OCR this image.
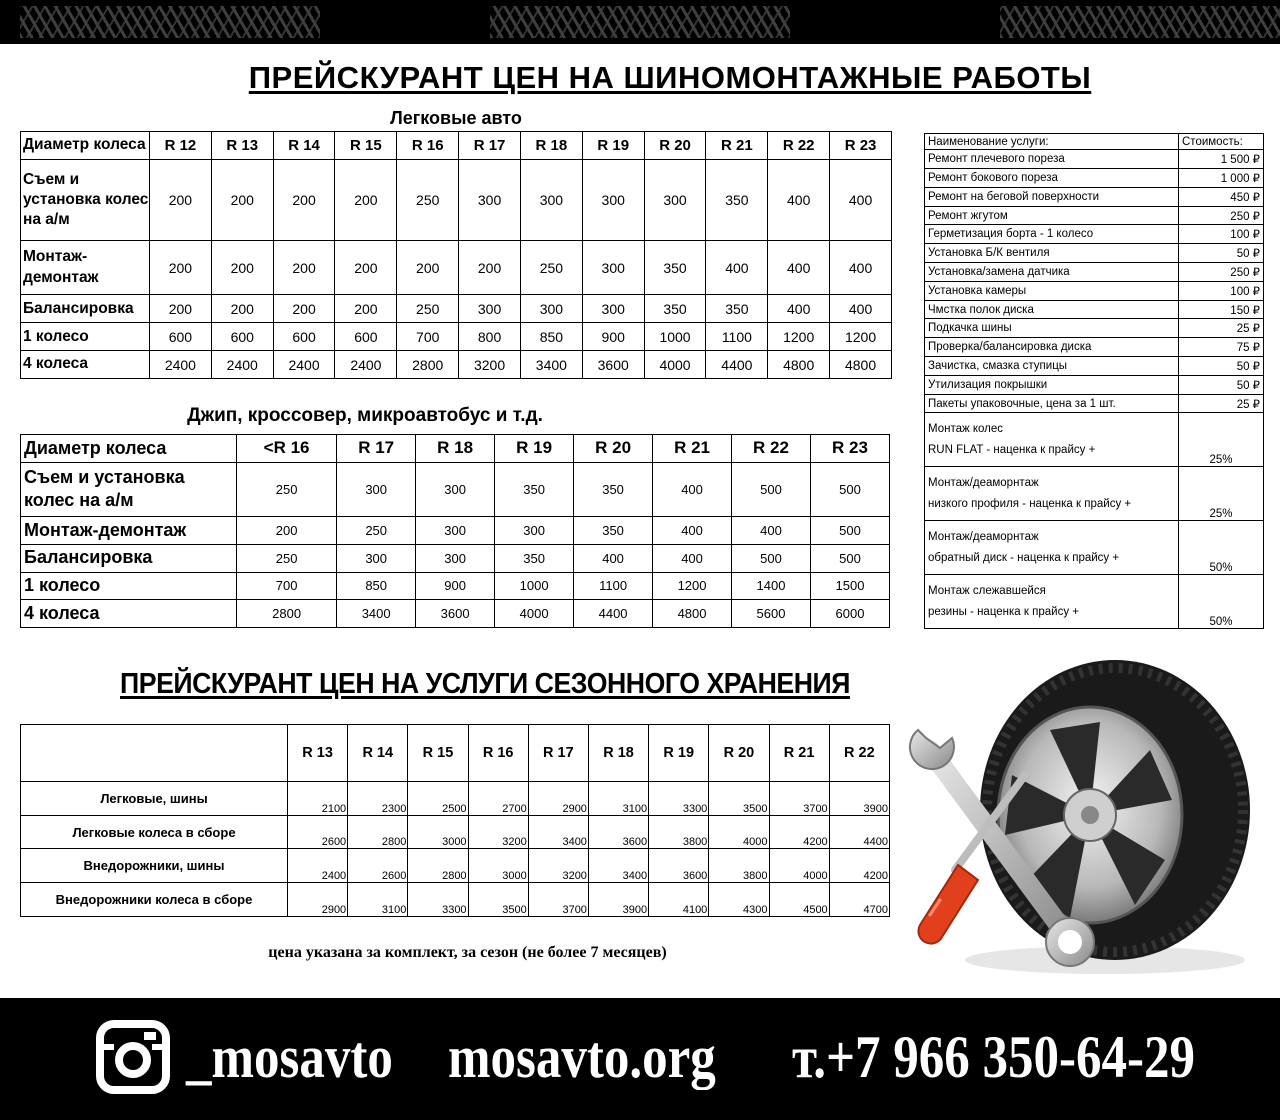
ПРЕЙСКУРАНТ ЦЕН НА ШИНОМОНТАЖНЫЕ РАБОТЫ

Легковые авто

Диаметр колеса	R 12	R 13	R 14	R 15	R 16	R 17	R 18	R 19	R 20	R 21	R 22	R 23
Съем и установка колес на а/м	200	200	200	200	250	300	300	300	300	350	400	400
Монтаж-демонтаж	200	200	200	200	200	200	250	300	350	400	400	400
Балансировка	200	200	200	200	250	300	300	300	350	350	400	400
1 колесо	600	600	600	600	700	800	850	900	1000	1100	1200	1200
4 колеса	2400	2400	2400	2400	2800	3200	3400	3600	4000	4400	4800	4800

Джип, кроссовер, микроавтобус и т.д.

Диаметр колеса	<R 16	R 17	R 18	R 19	R 20	R 21	R 22	R 23
Съем и установка колес на а/м	250	300	300	350	350	400	500	500
Монтаж-демонтаж	200	250	300	300	350	400	400	500
Балансировка	250	300	300	350	400	400	500	500
1 колесо	700	850	900	1000	1100	1200	1400	1500
4 колеса	2800	3400	3600	4000	4400	4800	5600	6000
Наименование услуги:	Стоимость:
Ремонт плечевого пореза	1 500 ₽
Ремонт бокового пореза	1 000 ₽
Ремонт на беговой поверхности	450 ₽
Ремонт жгутом	250 ₽
Герметизация борта - 1 колесо	100 ₽
Установка Б/К вентиля	50 ₽
Установка/замена датчика	250 ₽
Установка камеры	100 ₽
Чмстка полок диска	150 ₽
Подкачка шины	25 ₽
Проверка/балансировка диска	75 ₽
Зачистка, смазка ступицы	50 ₽
Утилизация покрышки	50 ₽
Пакеты упаковочные, цена за 1 шт.	25 ₽

Монтаж колес
RUN FLAT - наценка к прайсу +	25%

Монтаж/деаморнтаж
низкого профиля - наценка к прайсу +	25%

Монтаж/деаморнтаж
обратный диск - наценка к прайсу +	50%

Монтаж слежавшейся
резины - наценка к прайсу +	50%
ПРЕЙСКУРАНТ ЦЕН НА УСЛУГИ СЕЗОННОГО ХРАНЕНИЯ
	R 13	R 14	R 15	R 16	R 17	R 18	R 19	R 20	R 21	R 22
Легковые, шины	2100	2300	2500	2700	2900	3100	3300	3500	3700	3900
Легковые колеса в сборе	2600	2800	3000	3200	3400	3600	3800	4000	4200	4400
Внедорожники, шины	2400	2600	2800	3000	3200	3400	3600	3800	4000	4200
Внедорожники колеса в сборе	2900	3100	3300	3500	3700	3900	4100	4300	4500	4700

цена указана за комплект, за сезон (не более 7 месяцев)

_mosavto mosavto.org т.+7 966 350-64-29
